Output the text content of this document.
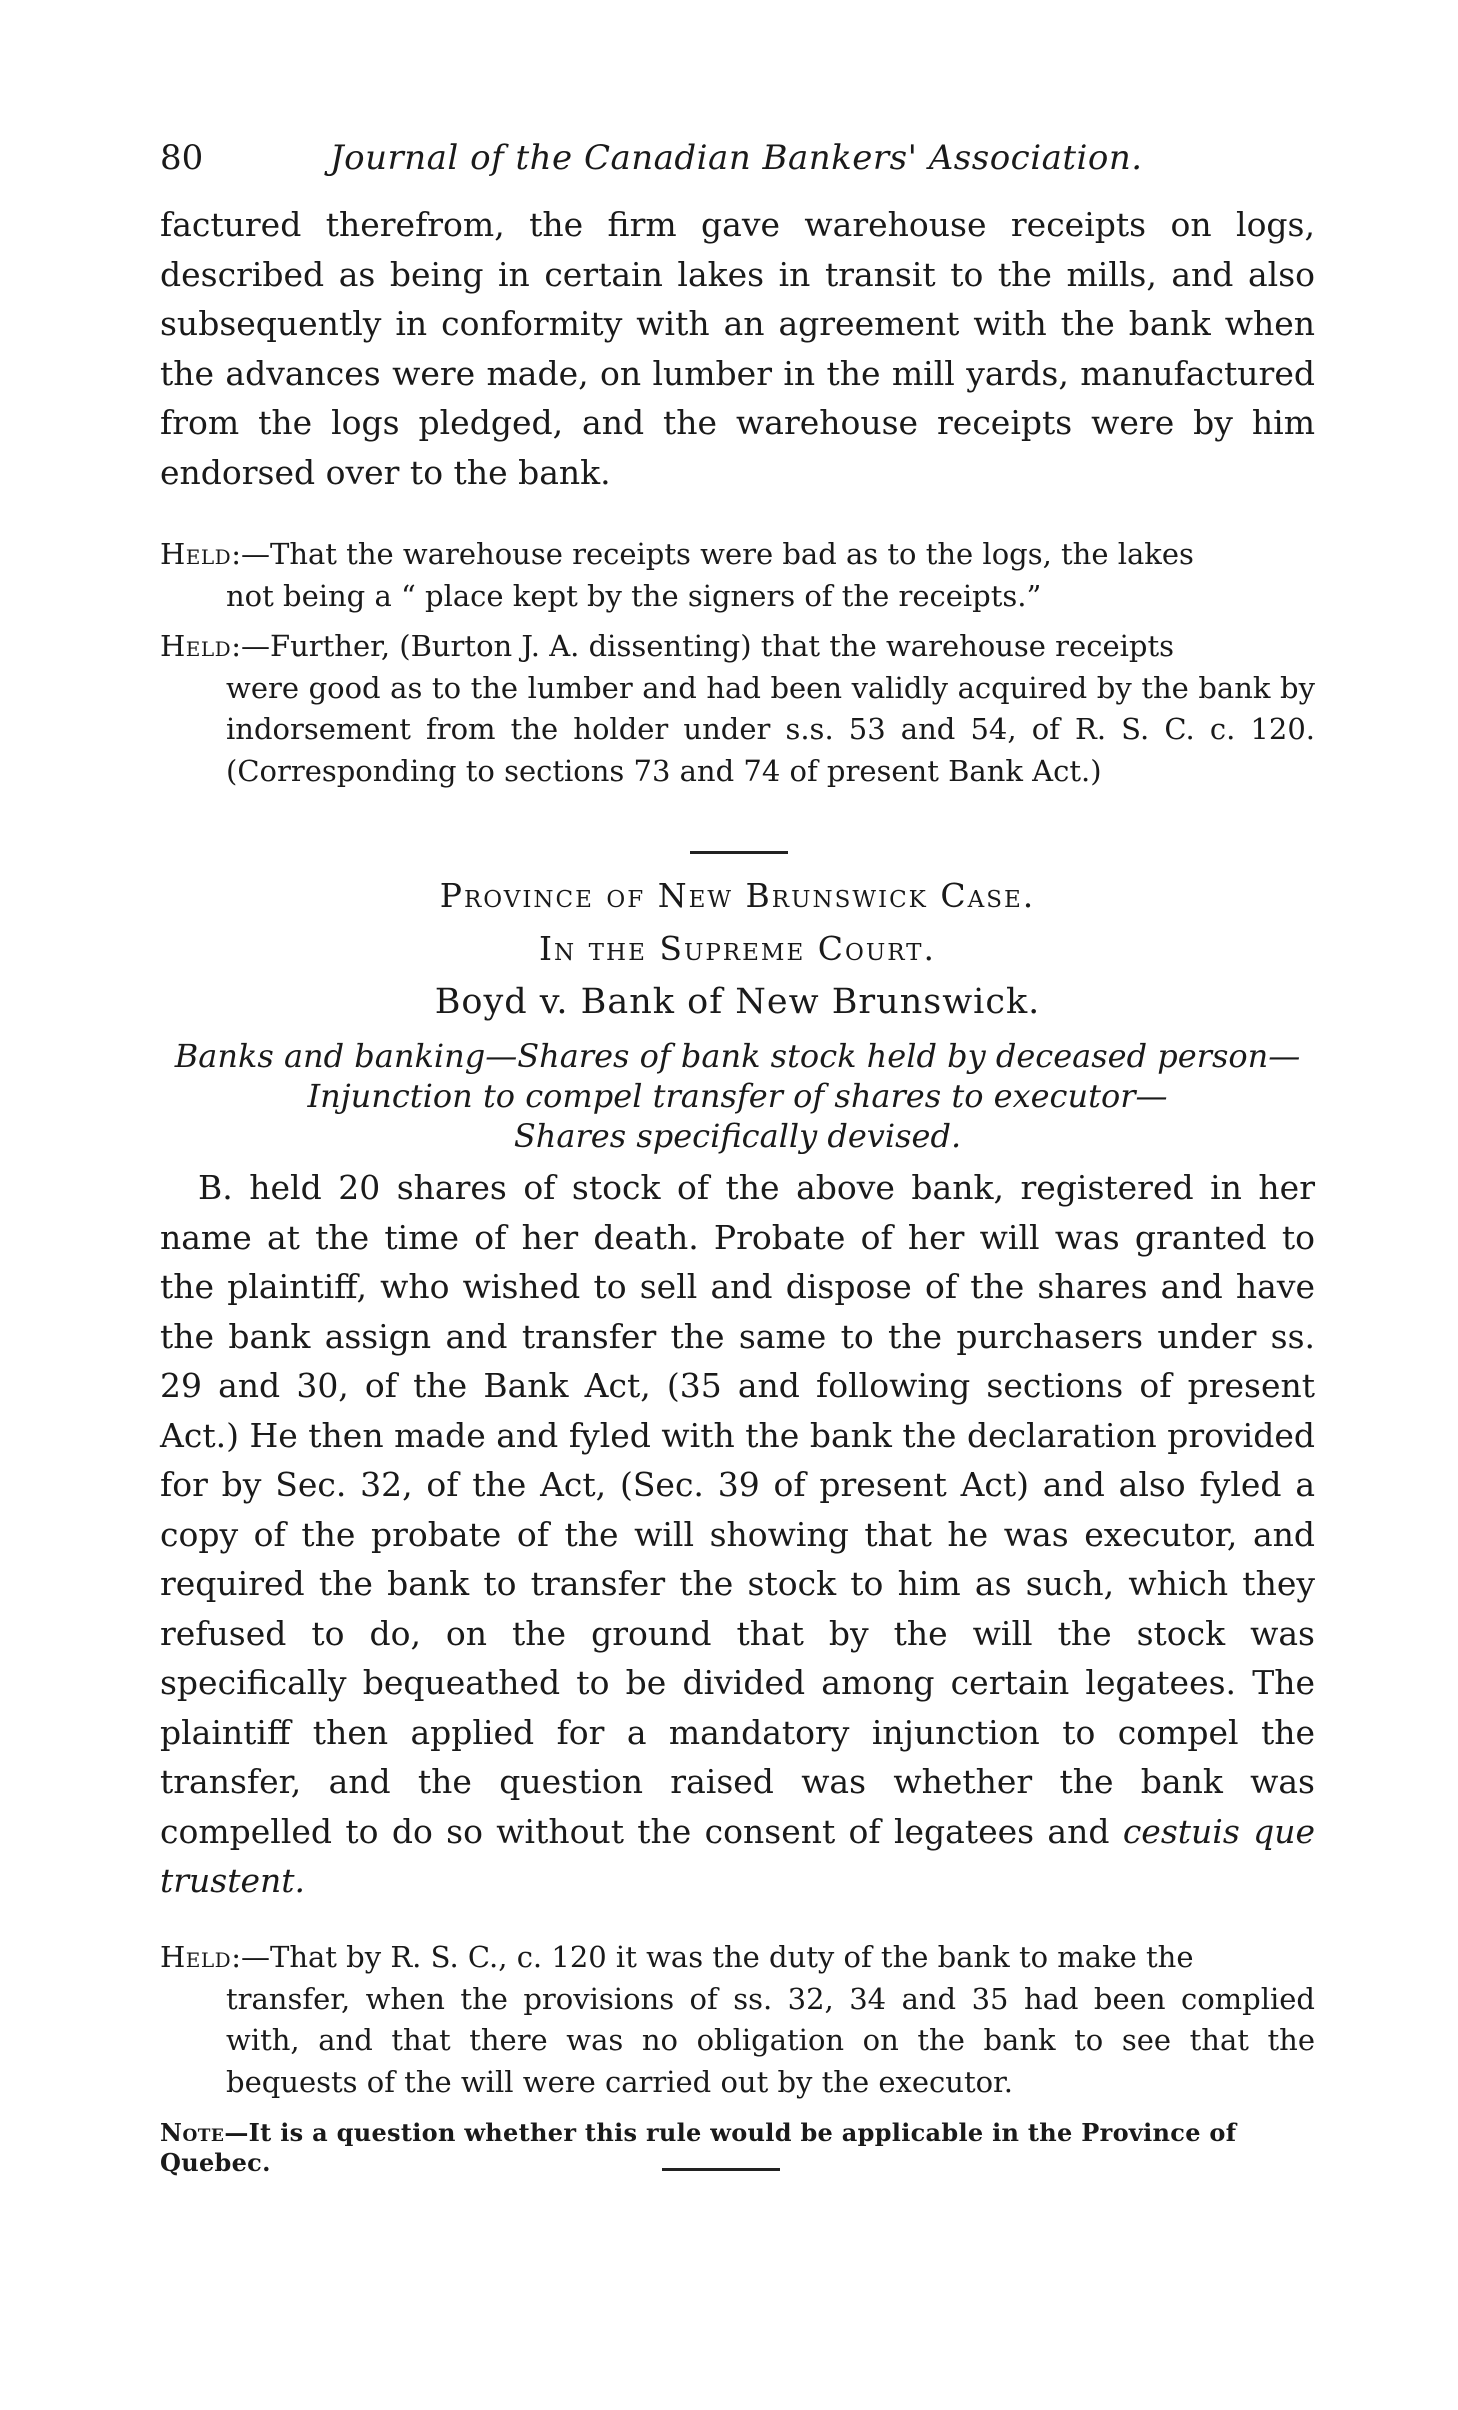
80	Journal of the Canadian Bankers' Association.

factured therefrom, the firm gave warehouse receipts on logs, described as being in certain lakes in transit to the mills, and also subsequently in conformity with an agreement with the bank when the advances were made, on lumber in the mill yards, manufactured from the logs pledged, and the warehouse receipts were by him endorsed over to the bank.

Held:—That the warehouse receipts were bad as to the logs, the lakes
not being a “ place kept by the signers of the receipts.”
Held:—Further, (Burton J. A. dissenting) that the warehouse receipts
were good as to the lumber and had been validly acquired by the bank by indorsement from the holder under s.s. 53 and 54, of R. S. C. c. 120. (Corresponding to sections 73 and 74 of present Bank Act.)
Province of New Brunswick Case.
In the Supreme Court.
Boyd v. Bank of New Brunswick.
Banks and banking—Shares of bank stock held by deceased person—
Injunction to compel transfer of shares to executor—
Shares specifically devised.

B. held 20 shares of stock of the above bank, registered in her name at the time of her death. Probate of her will was granted to the plaintiff, who wished to sell and dispose of the shares and have the bank assign and transfer the same to the purchasers under ss. 29 and 30, of the Bank Act, (35 and following sections of present Act.) He then made and fyled with the bank the declaration provided for by Sec. 32, of the Act, (Sec. 39 of present Act) and also fyled a copy of the probate of the will showing that he was executor, and required the bank to transfer the stock to him as such, which they refused to do, on the ground that by the will the stock was specifically bequeathed to be divided among certain legatees. The plaintiff then applied for a mandatory injunction to compel the transfer, and the question raised was whether the bank was compelled to do so without the consent of legatees and cestuis que trustent.

Held:—That by R. S. C., c. 120 it was the duty of the bank to make the
transfer, when the provisions of ss. 32, 34 and 35 had been complied with, and that there was no obligation on the bank to see that the bequests of the will were carried out by the executor.
Note—It is a question whether this rule would be applicable in the Province of Quebec.
